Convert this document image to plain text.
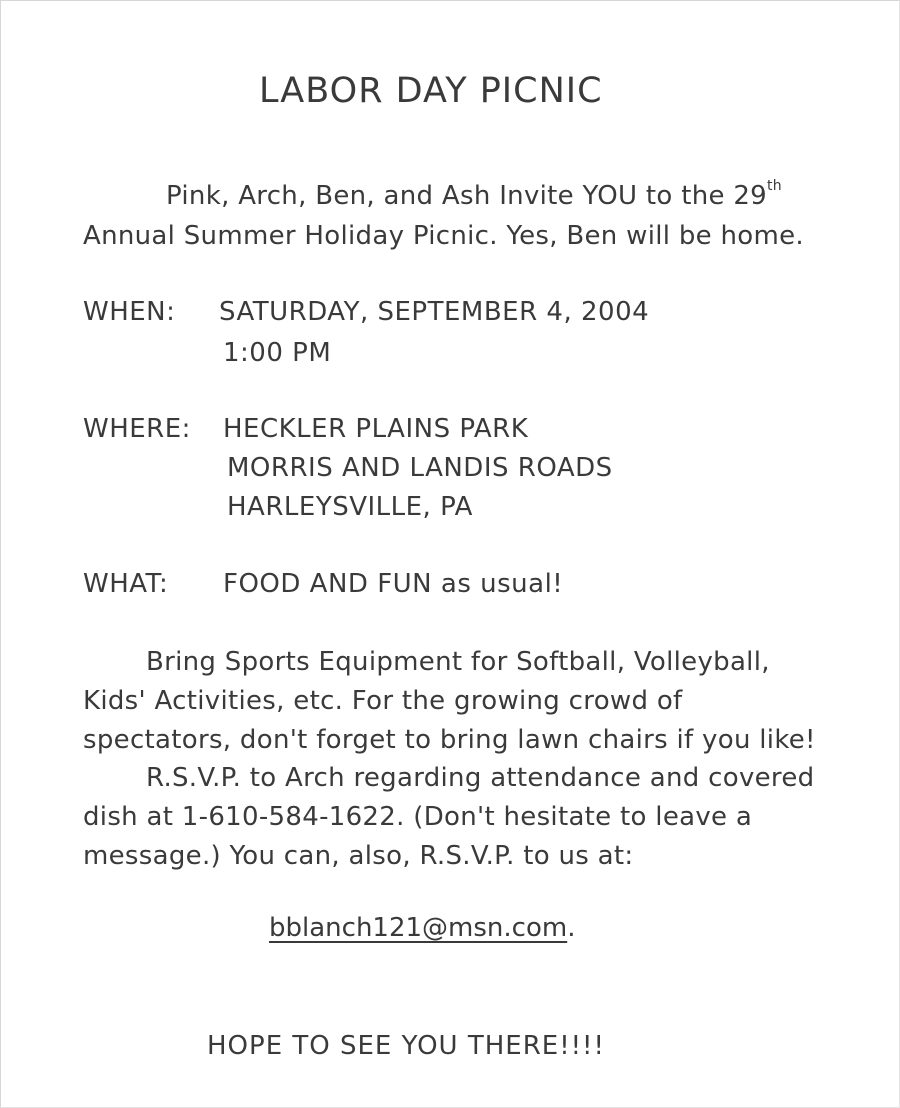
LABOR DAY PICNIC
Pink, Arch, Ben, and Ash Invite YOU to the 29th
Annual Summer Holiday Picnic. Yes, Ben will be home.
WHEN: SATURDAY, SEPTEMBER 4, 2004
1:00 PM
WHERE: HECKLER PLAINS PARK
MORRIS AND LANDIS ROADS
HARLEYSVILLE, PA
WHAT: FOOD AND FUN as usual!
Bring Sports Equipment for Softball, Volleyball,
Kids' Activities, etc. For the growing crowd of
spectators, don't forget to bring lawn chairs if you like!
R.S.V.P. to Arch regarding attendance and covered
dish at 1-610-584-1622. (Don't hesitate to leave a
message.) You can, also, R.S.V.P. to us at:
bblanch121@msn.com.
HOPE TO SEE YOU THERE!!!!
